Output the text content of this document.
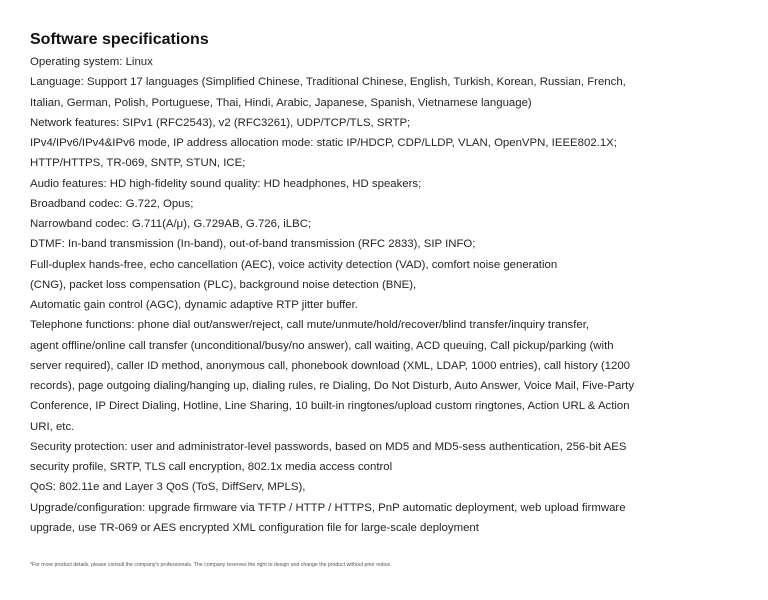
Software specifications
Operating system: Linux
Language: Support 17 languages (Simplified Chinese, Traditional Chinese, English, Turkish, Korean, Russian, French,
Italian, German, Polish, Portuguese, Thai, Hindi, Arabic, Japanese, Spanish, Vietnamese language)
Network features: SIPv1 (RFC2543), v2 (RFC3261), UDP/TCP/TLS, SRTP;
IPv4/IPv6/IPv4&IPv6 mode, IP address allocation mode: static IP/HDCP, CDP/LLDP, VLAN, OpenVPN, IEEE802.1X;
HTTP/HTTPS, TR-069, SNTP, STUN, ICE;
Audio features: HD high-fidelity sound quality: HD headphones, HD speakers;
Broadband codec: G.722, Opus;
Narrowband codec: G.711(A/μ), G.729AB, G.726, iLBC;
DTMF: In-band transmission (In-band), out-of-band transmission (RFC 2833), SIP INFO;
Full-duplex hands-free, echo cancellation (AEC), voice activity detection (VAD), comfort noise generation
(CNG), packet loss compensation (PLC), background noise detection (BNE),
Automatic gain control (AGC), dynamic adaptive RTP jitter buffer.
Telephone functions: phone dial out/answer/reject, call mute/unmute/hold/recover/blind transfer/inquiry transfer,
agent offline/online call transfer (unconditional/busy/no answer), call waiting, ACD queuing, Call pickup/parking (with
server required), caller ID method, anonymous call, phonebook download (XML, LDAP, 1000 entries), call history (1200
records), page outgoing dialing/hanging up, dialing rules, re Dialing, Do Not Disturb, Auto Answer, Voice Mail, Five-Party
Conference, IP Direct Dialing, Hotline, Line Sharing, 10 built-in ringtones/upload custom ringtones, Action URL & Action
URI, etc.
Security protection: user and administrator-level passwords, based on MD5 and MD5-sess authentication, 256-bit AES
security profile, SRTP, TLS call encryption, 802.1x media access control
QoS: 802.11e and Layer 3 QoS (ToS, DiffServ, MPLS),
Upgrade/configuration: upgrade firmware via TFTP / HTTP / HTTPS, PnP automatic deployment, web upload firmware
upgrade, use TR-069 or AES encrypted XML configuration file for large-scale deployment
*For more product details, please consult the company's professionals. The company reserves the right to design and change the product without prior notice.
